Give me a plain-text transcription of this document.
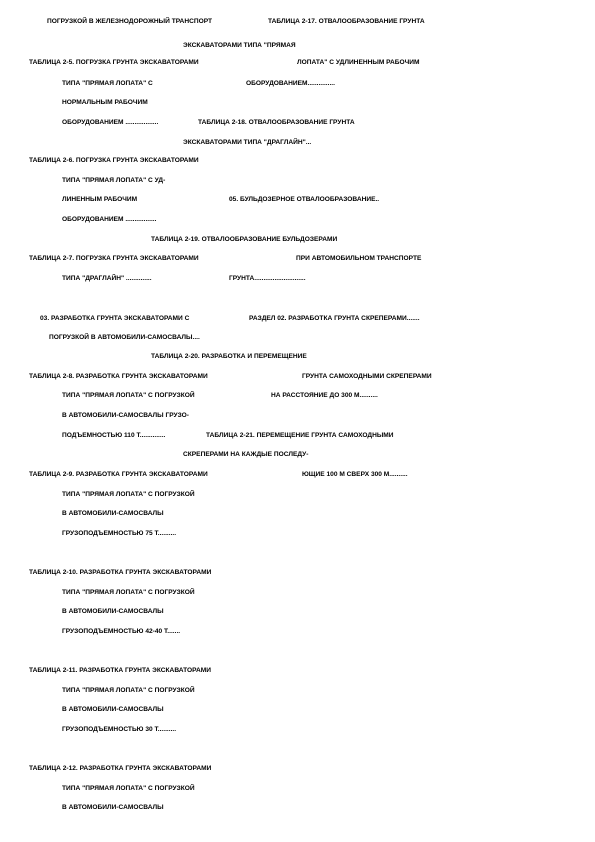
ПОГРУЗКОЙ В ЖЕЛЕЗНОДОРОЖНЫЙ ТРАНСПОРТ	ТАБЛИЦА 2-17. ОТВАЛООБРАЗОВАНИЕ ГРУНТА
ЭКСКАВАТОРАМИ ТИПА "ПРЯМАЯ
ТАБЛИЦА 2-5. ПОГРУЗКА ГРУНТА ЭКСКАВАТОРАМИ	ЛОПАТА" С УДЛИНЕННЫМ РАБОЧИМ
ТИПА "ПРЯМАЯ ЛОПАТА" С	ОБОРУДОВАНИЕМ...............
НОРМАЛЬНЫМ РАБОЧИМ
ОБОРУДОВАНИЕМ ..................	ТАБЛИЦА 2-18. ОТВАЛООБРАЗОВАНИЕ ГРУНТА
ЭКСКАВАТОРАМИ ТИПА "ДРАГЛАЙН"...
ТАБЛИЦА 2-6. ПОГРУЗКА ГРУНТА ЭКСКАВАТОРАМИ
ТИПА "ПРЯМАЯ ЛОПАТА" С УД-
ЛИНЕННЫМ РАБОЧИМ	05. БУЛЬДОЗЕРНОЕ ОТВАЛООБРАЗОВАНИЕ..
ОБОРУДОВАНИЕМ .................
ТАБЛИЦА 2-19. ОТВАЛООБРАЗОВАНИЕ БУЛЬДОЗЕРАМИ
ТАБЛИЦА 2-7. ПОГРУЗКА ГРУНТА ЭКСКАВАТОРАМИ	ПРИ АВТОМОБИЛЬНОМ ТРАНСПОРТЕ
ТИПА "ДРАГЛАЙН" ..............	ГРУНТА............................
03. РАЗРАБОТКА ГРУНТА ЭКСКАВАТОРАМИ С	РАЗДЕЛ 02. РАЗРАБОТКА ГРУНТА СКРЕПЕРАМИ.......
ПОГРУЗКОЙ В АВТОМОБИЛИ-САМОСВАЛЫ....
ТАБЛИЦА 2-20. РАЗРАБОТКА И ПЕРЕМЕЩЕНИЕ
ТАБЛИЦА 2-8. РАЗРАБОТКА ГРУНТА ЭКСКАВАТОРАМИ	ГРУНТА САМОХОДНЫМИ СКРЕПЕРАМИ
ТИПА "ПРЯМАЯ ЛОПАТА" С ПОГРУЗКОЙ	НА РАССТОЯНИЕ ДО 300 М..........
В АВТОМОБИЛИ-САМОСВАЛЫ ГРУЗО-
ПОДЪЕМНОСТЬЮ 110 Т..............	ТАБЛИЦА 2-21. ПЕРЕМЕЩЕНИЕ ГРУНТА САМОХОДНЫМИ
СКРЕПЕРАМИ НА КАЖДЫЕ ПОСЛЕДУ-
ТАБЛИЦА 2-9. РАЗРАБОТКА ГРУНТА ЭКСКАВАТОРАМИ	ЮЩИЕ 100 М СВЕРХ 300 М..........
ТИПА "ПРЯМАЯ ЛОПАТА" С ПОГРУЗКОЙ
В АВТОМОБИЛИ-САМОСВАЛЫ
ГРУЗОПОДЪЕМНОСТЬЮ 75 Т..........
ТАБЛИЦА 2-10. РАЗРАБОТКА ГРУНТА ЭКСКАВАТОРАМИ
ТИПА "ПРЯМАЯ ЛОПАТА" С ПОГРУЗКОЙ
В АВТОМОБИЛИ-САМОСВАЛЫ
ГРУЗОПОДЪЕМНОСТЬЮ 42-40 Т.......
ТАБЛИЦА 2-11. РАЗРАБОТКА ГРУНТА ЭКСКАВАТОРАМИ
ТИПА "ПРЯМАЯ ЛОПАТА" С ПОГРУЗКОЙ
В АВТОМОБИЛИ-САМОСВАЛЫ
ГРУЗОПОДЪЕМНОСТЬЮ 30 Т..........
ТАБЛИЦА 2-12. РАЗРАБОТКА ГРУНТА ЭКСКАВАТОРАМИ
ТИПА "ПРЯМАЯ ЛОПАТА" С ПОГРУЗКОЙ
В АВТОМОБИЛИ-САМОСВАЛЫ
